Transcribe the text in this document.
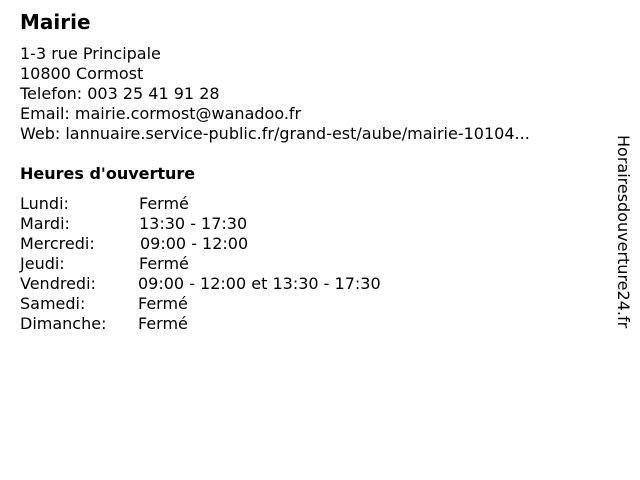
Mairie
1-3 rue Principale
10800 Cormost
Telefon: 003 25 41 91 28
Email: mairie.cormost@wanadoo.fr
Web: lannuaire.service-public.fr/grand-est/aube/mairie-10104...
Heures d'ouverture
Lundi:	Fermé
Mardi:	13:30 - 17:30
Mercredi:	09:00 - 12:00
Jeudi:	Fermé
Vendredi:	09:00 - 12:00 et 13:30 - 17:30
Samedi:	Fermé
Dimanche: Fermé	Horairesdouverture24.fr
